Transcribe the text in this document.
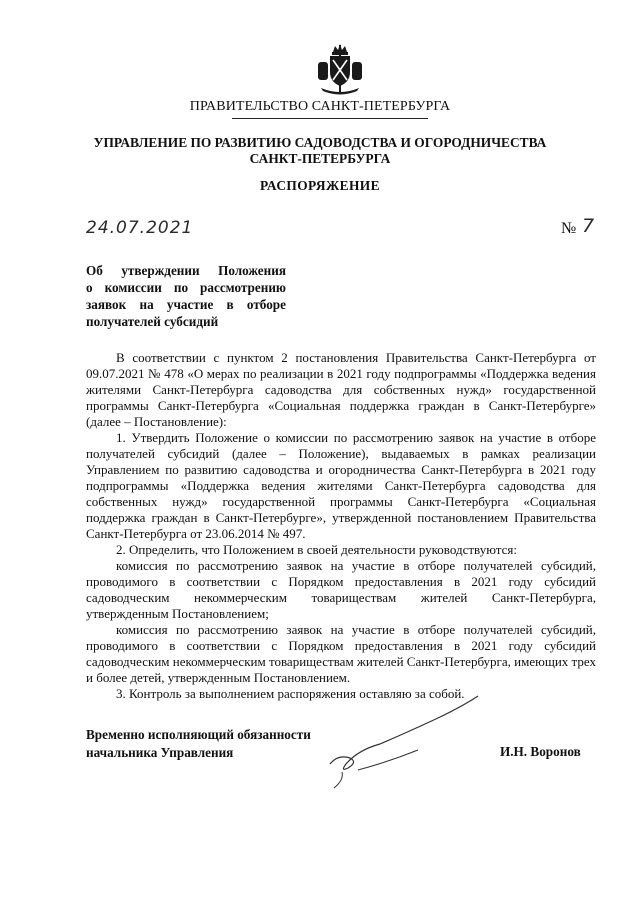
ПРАВИТЕЛЬСТВО САНКТ-ПЕТЕРБУРГА
УПРАВЛЕНИЕ ПО РАЗВИТИЮ САДОВОДСТВА И ОГОРОДНИЧЕСТВА
САНКТ-ПЕТЕРБУРГА
РАСПОРЯЖЕНИЕ
24.07.2021	№ 7
Об утверждении Положения
о комиссии по рассмотрению
заявок на участие в отборе
получателей субсидий

В соответствии с пунктом 2 постановления Правительства Санкт-Петербурга от 09.07.2021 № 478 «О мерах по реализации в 2021 году подпрограммы «Поддержка ведения жителями Санкт-Петербурга садоводства для собственных нужд» государственной программы Санкт-Петербурга «Социальная поддержка граждан в Санкт-Петербурге» (далее – Постановление):

1. Утвердить Положение о комиссии по рассмотрению заявок на участие в отборе получателей субсидий (далее – Положение), выдаваемых в рамках реализации Управлением по развитию садоводства и огородничества Санкт-Петербурга в 2021 году подпрограммы «Поддержка ведения жителями Санкт-Петербурга садоводства для собственных нужд» государственной программы Санкт-Петербурга «Социальная поддержка граждан в Санкт-Петербурге», утвержденной постановлением Правительства Санкт-Петербурга от 23.06.2014 № 497.

2. Определить, что Положением в своей деятельности руководствуются:

комиссия по рассмотрению заявок на участие в отборе получателей субсидий, проводимого в соответствии с Порядком предоставления в 2021 году субсидий садоводческим некоммерческим товариществам жителей Санкт-Петербурга, утвержденным Постановлением;

комиссия по рассмотрению заявок на участие в отборе получателей субсидий, проводимого в соответствии с Порядком предоставления в 2021 году субсидий садоводческим некоммерческим товариществам жителей Санкт-Петербурга, имеющих трех и более детей, утвержденным Постановлением.

3. Контроль за выполнением распоряжения оставляю за собой.

Временно исполняющий обязанности
начальника Управления	И.Н. Воронов
